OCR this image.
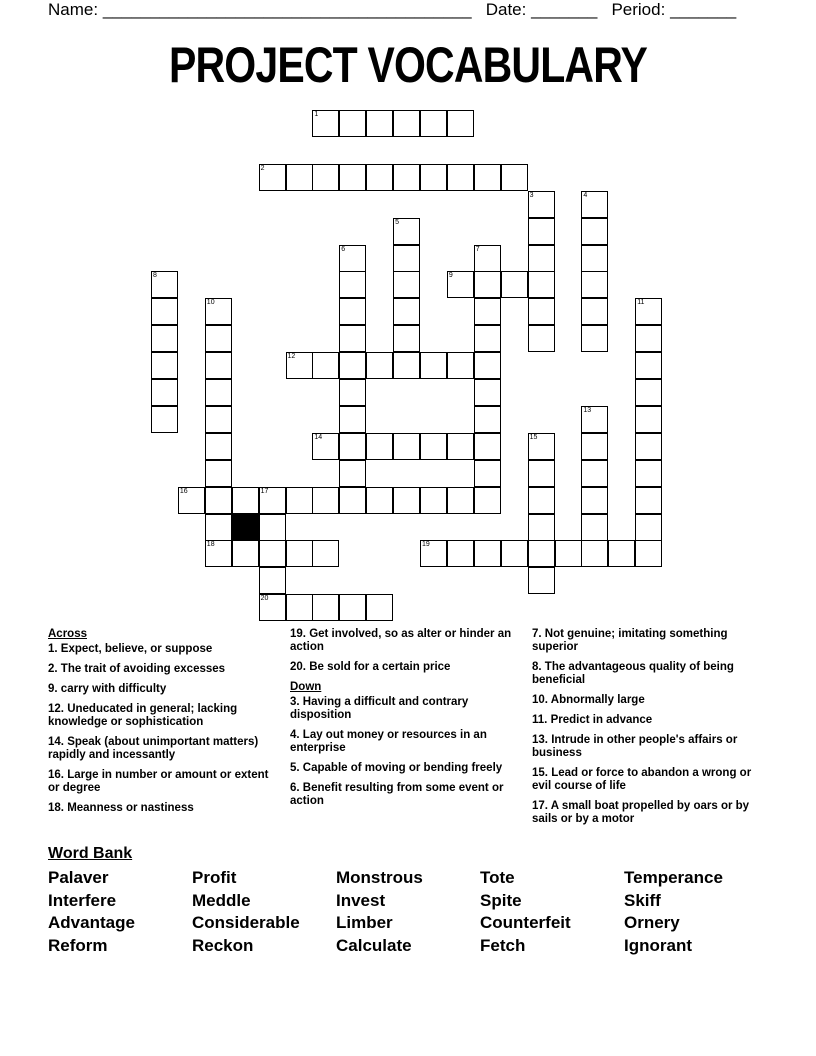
Name: _______________________________________ Date: _______ Period: _______
PROJECT VOCABULARY
1
2
3	4
5
6	7
8	9
10	11
12
13
14	15
16	17
20
18	19
Across
1. Expect, believe, or suppose
2. The trait of avoiding excesses
9. carry with difficulty
12. Uneducated in general; lacking knowledge or sophistication
14. Speak (about unimportant matters) rapidly and incessantly
16. Large in number or amount or extent or degree
18. Meanness or nastiness
19. Get involved, so as alter or hinder an action
20. Be sold for a certain price
Down
3. Having a difficult and contrary disposition
4. Lay out money or resources in an enterprise
5. Capable of moving or bending freely
6. Benefit resulting from some event or action
7. Not genuine; imitating something superior
8. The advantageous quality of being beneficial
10. Abnormally large
11. Predict in advance
13. Intrude in other people's affairs or business
15. Lead or force to abandon a wrong or evil course of life
17. A small boat propelled by oars or by sails or by a motor
Word Bank
Palaver
Interfere
Advantage
Reform
Profit
Meddle
Considerable
Reckon
Monstrous
Invest
Limber
Calculate
Tote
Spite
Counterfeit
Fetch
Temperance
Skiff
Ornery
Ignorant
